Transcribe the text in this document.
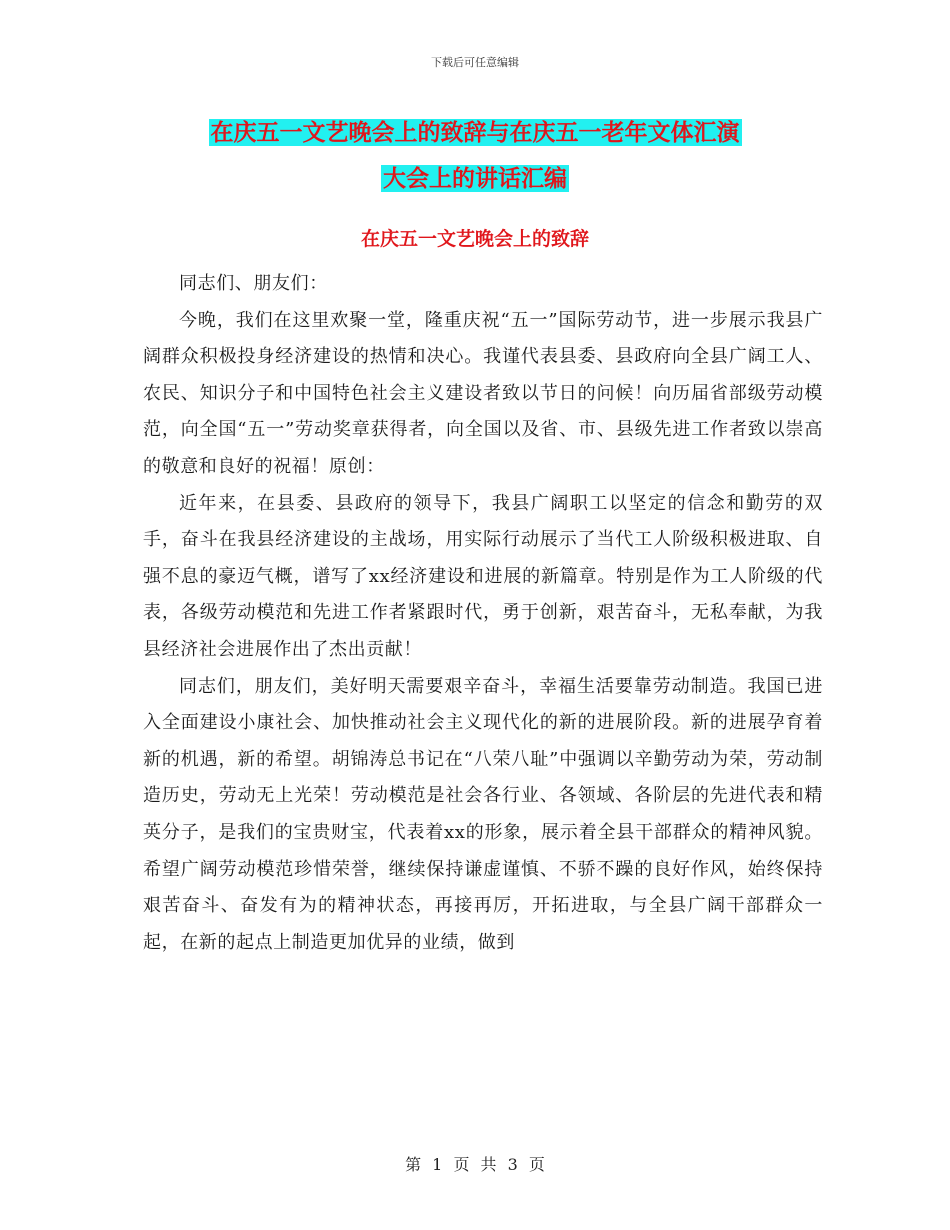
下载后可任意编辑
在庆五一文艺晚会上的致辞与在庆五一老年文体汇演
大会上的讲话汇编
在庆五一文艺晚会上的致辞

同志们、朋友们：

今晚，我们在这里欢聚一堂，隆重庆祝“五一”国际劳动节，进一步展示我县广阔群众积极投身经济建设的热情和决心。我谨代表县委、县政府向全县广阔工人、农民、知识分子和中国特色社会主义建设者致以节日的问候！向历届省部级劳动模范，向全国“五一”劳动奖章获得者，向全国以及省、市、县级先进工作者致以崇高的敬意和良好的祝福！原创：

近年来，在县委、县政府的领导下，我县广阔职工以坚定的信念和勤劳的双手，奋斗在我县经济建设的主战场，用实际行动展示了当代工人阶级积极进取、自强不息的豪迈气概，谱写了xx经济建设和进展的新篇章。特别是作为工人阶级的代表，各级劳动模范和先进工作者紧跟时代，勇于创新，艰苦奋斗，无私奉献，为我县经济社会进展作出了杰出贡献！

同志们，朋友们，美好明天需要艰辛奋斗，幸福生活要靠劳动制造。我国已进入全面建设小康社会、加快推动社会主义现代化的新的进展阶段。新的进展孕育着新的机遇，新的希望。胡锦涛总书记在“八荣八耻”中强调以辛勤劳动为荣，劳动制造历史，劳动无上光荣！劳动模范是社会各行业、各领域、各阶层的先进代表和精英分子，是我们的宝贵财宝，代表着xx的形象，展示着全县干部群众的精神风貌。希望广阔劳动模范珍惜荣誉，继续保持谦虚谨慎、不骄不躁的良好作风，始终保持艰苦奋斗、奋发有为的精神状态，再接再厉，开拓进取，与全县广阔干部群众一起，在新的起点上制造更加优异的业绩，做到

第 1 页 共 3 页
